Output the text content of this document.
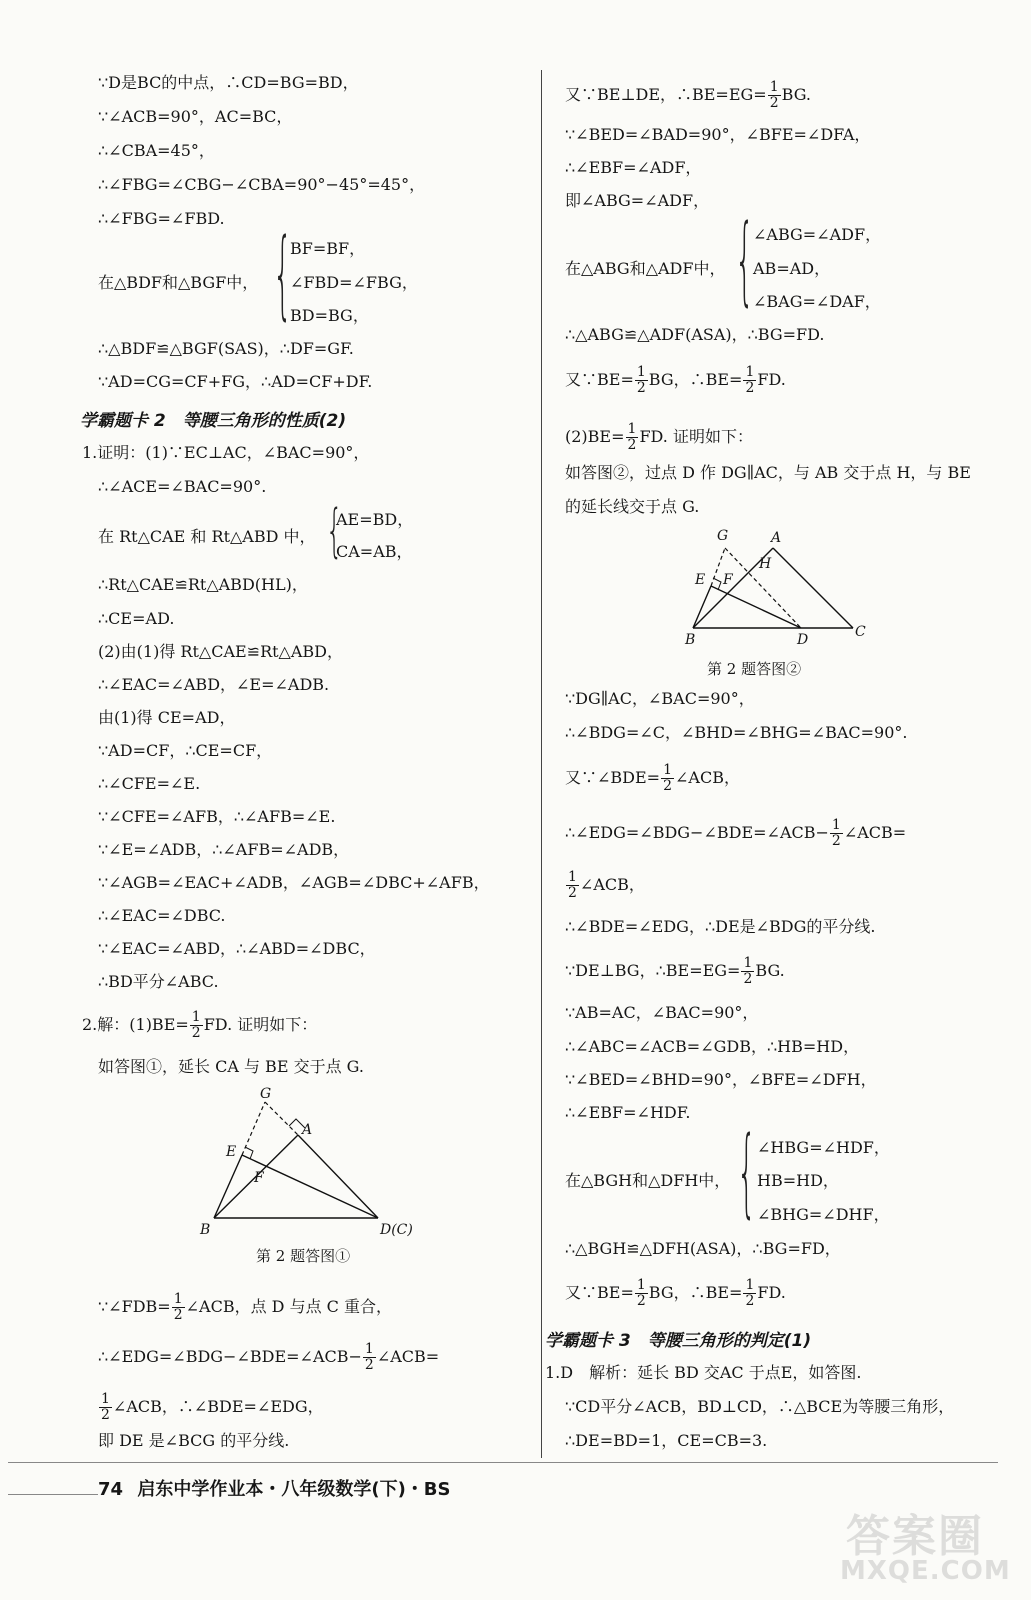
∵D是BC的中点，∴CD=BG=BD，
∵∠ACB=90°，AC=BC，
∴∠CBA=45°，
∴∠FBG=∠CBG−∠CBA=90°−45°=45°，
∴∠FBG=∠FBD.
在△BDF和△BGF中， {
BF=BF，
∠FBD=∠FBG，
BD=BG，
∴△BDF≌△BGF(SAS)，∴DF=GF.
∵AD=CG=CF+FG，∴AD=CF+DF.
学霸题卡 2　等腰三角形的性质(2)
1.证明：(1)∵EC⊥AC，∠BAC=90°，
∴∠ACE=∠BAC=90°.
在 Rt△CAE 和 Rt△ABD 中， {
AE=BD，
CA=AB，
∴Rt△CAE≌Rt△ABD(HL)，
∴CE=AD.
(2)由(1)得 Rt△CAE≌Rt△ABD，
∴∠EAC=∠ABD，∠E=∠ADB.
由(1)得 CE=AD，
∵AD=CF，∴CE=CF，
∴∠CFE=∠E.
∵∠CFE=∠AFB，∴∠AFB=∠E.
∵∠E=∠ADB，∴∠AFB=∠ADB，
∵∠AGB=∠EAC+∠ADB，∠AGB=∠DBC+∠AFB，
∴∠EAC=∠DBC.
∵∠EAC=∠ABD，∴∠ABD=∠DBC，
∴BD平分∠ABC.
2.解：$(1)BE= \frac{1}{2}$ FD. 证明如下：
如答图①，延长 CA 与 BE 交于点 G.
G
A
E
F
B	D(C)
第 2 题答图①
∵∠FDB= $\frac{1}{2}$ ∠ACB，点 D 与点 C 重合，
∴∠EDG=∠BDG−∠BDE=∠ACB− $\frac{1}{2}$ ∠ACB=
$\frac{1}{2}$ ∠ACB，∴∠BDE=∠EDG，
即 DE 是∠BCG 的平分线.
又∵BE⊥DE，∴BE=EG= $\frac{1}{2}$ BG.
∵∠BED=∠BAD=90°，∠BFE=∠DFA，
∴∠EBF=∠ADF，
即∠ABG=∠ADF，
在△ABG和△ADF中， {
∠ABG=∠ADF，
AB=AD，
∠BAG=∠DAF，
∴△ABG≌△ADF(ASA)，∴BG=FD.
又∵BE= $\frac{1}{2}$ BG，∴BE= $\frac{1}{2}$ FD.
$(2)BE= \frac{1}{2}$ FD. 证明如下：
如答图②，过点 D 作 DG∥AC，与 AB 交于点 H，与 BE
的延长线交于点 G.
G	A
H
E F
B	D	C
第 2 题答图②
∵DG∥AC，∠BAC=90°，
∴∠BDG=∠C，∠BHD=∠BHG=∠BAC=90°.
又∵∠BDE= $\frac{1}{2}$ ∠ACB，
∴∠EDG=∠BDG−∠BDE=∠ACB− $\frac{1}{2}$ ∠ACB=
$\frac{1}{2}$ ∠ACB，
∴∠BDE=∠EDG，∴DE是∠BDG的平分线.
∵DE⊥BG，∴BE=EG= $\frac{1}{2}$ BG.
∵AB=AC，∠BAC=90°，
∴∠ABC=∠ACB=∠GDB，∴HB=HD，
∵∠BED=∠BHD=90°，∠BFE=∠DFH，
∴∠EBF=∠HDF.
在△BGH和△DFH中， { ∠HBG=∠HDF，
HB=HD，
∠BHG=∠DHF，
∴△BGH≌△DFH(ASA)，∴BG=FD，
又∵BE= $\frac{1}{2}$ BG，∴BE= $\frac{1}{2}$ FD.
学霸题卡 3　等腰三角形的判定(1)
1.D　解析：延长 BD 交AC 于点E，如答图.
∵CD平分∠ACB，BD⊥CD，∴△BCE为等腰三角形，
∴DE=BD=1，CE=CB=3.
74 启东中学作业本・八年级数学(下)・BS
答案圈
MXQE.COM
